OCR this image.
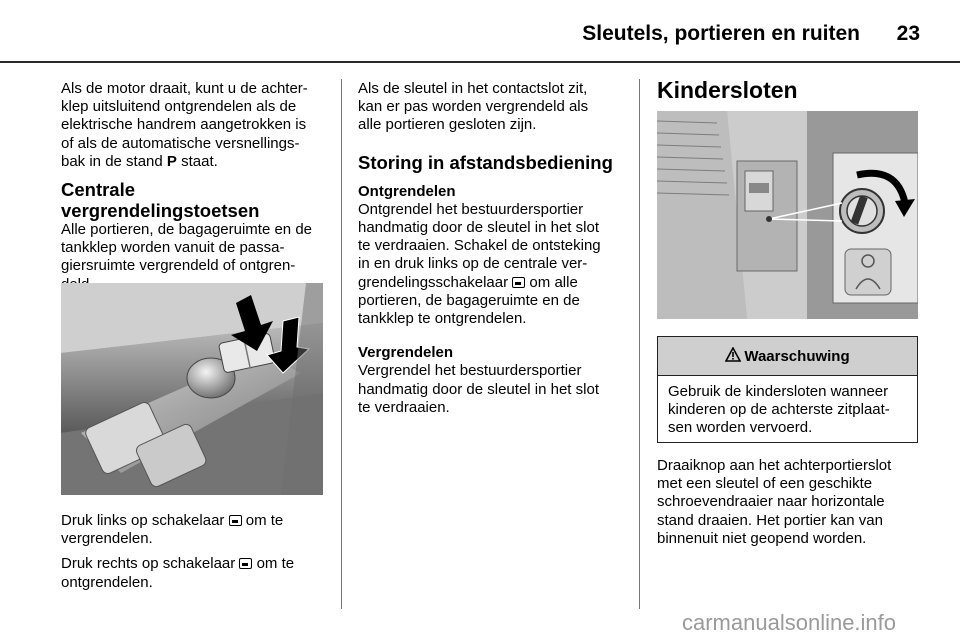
Sleutels, portieren en ruiten	23

Als de motor draait, kunt u de achter-

klep uitsluitend ontgrendelen als de

elektrische handrem aangetrokken is

of als de automatische versnellings-

bak in de stand P staat.

Centrale vergrendelingstoetsen

Alle portieren, de bagageruimte en de

tankklep worden vanuit de passa-

giersruimte vergrendeld of ontgren-

Druk links op schakelaar  om te

vergrendelen.

Druk rechts op schakelaar  om te

ontgrendelen.

Als de sleutel in het contactslot zit,

kan er pas worden vergrendeld als

alle portieren gesloten zijn.

Storing in afstandsbediening

Ontgrendelen

Ontgrendel het bestuurdersportier

handmatig door de sleutel in het slot

te verdraaien. Schakel de ontsteking

in en druk links op de centrale ver-

grendelingsschakelaar  om alle

portieren, de bagageruimte en de

tankklep te ontgrendelen.

Vergrendelen

Vergrendel het bestuurdersportier

handmatig door de sleutel in het slot

te verdraaien.

Kindersloten
Waarschuwing
Gebruik de kindersloten wanneer
kinderen op de achterste zitplaat-
sen worden vervoerd.

Draaiknop aan het achterportierslot

met een sleutel of een geschikte

schroevendraaier naar horizontale

stand draaien. Het portier kan van

binnenuit niet geopend worden.

carmanualsonline.info
